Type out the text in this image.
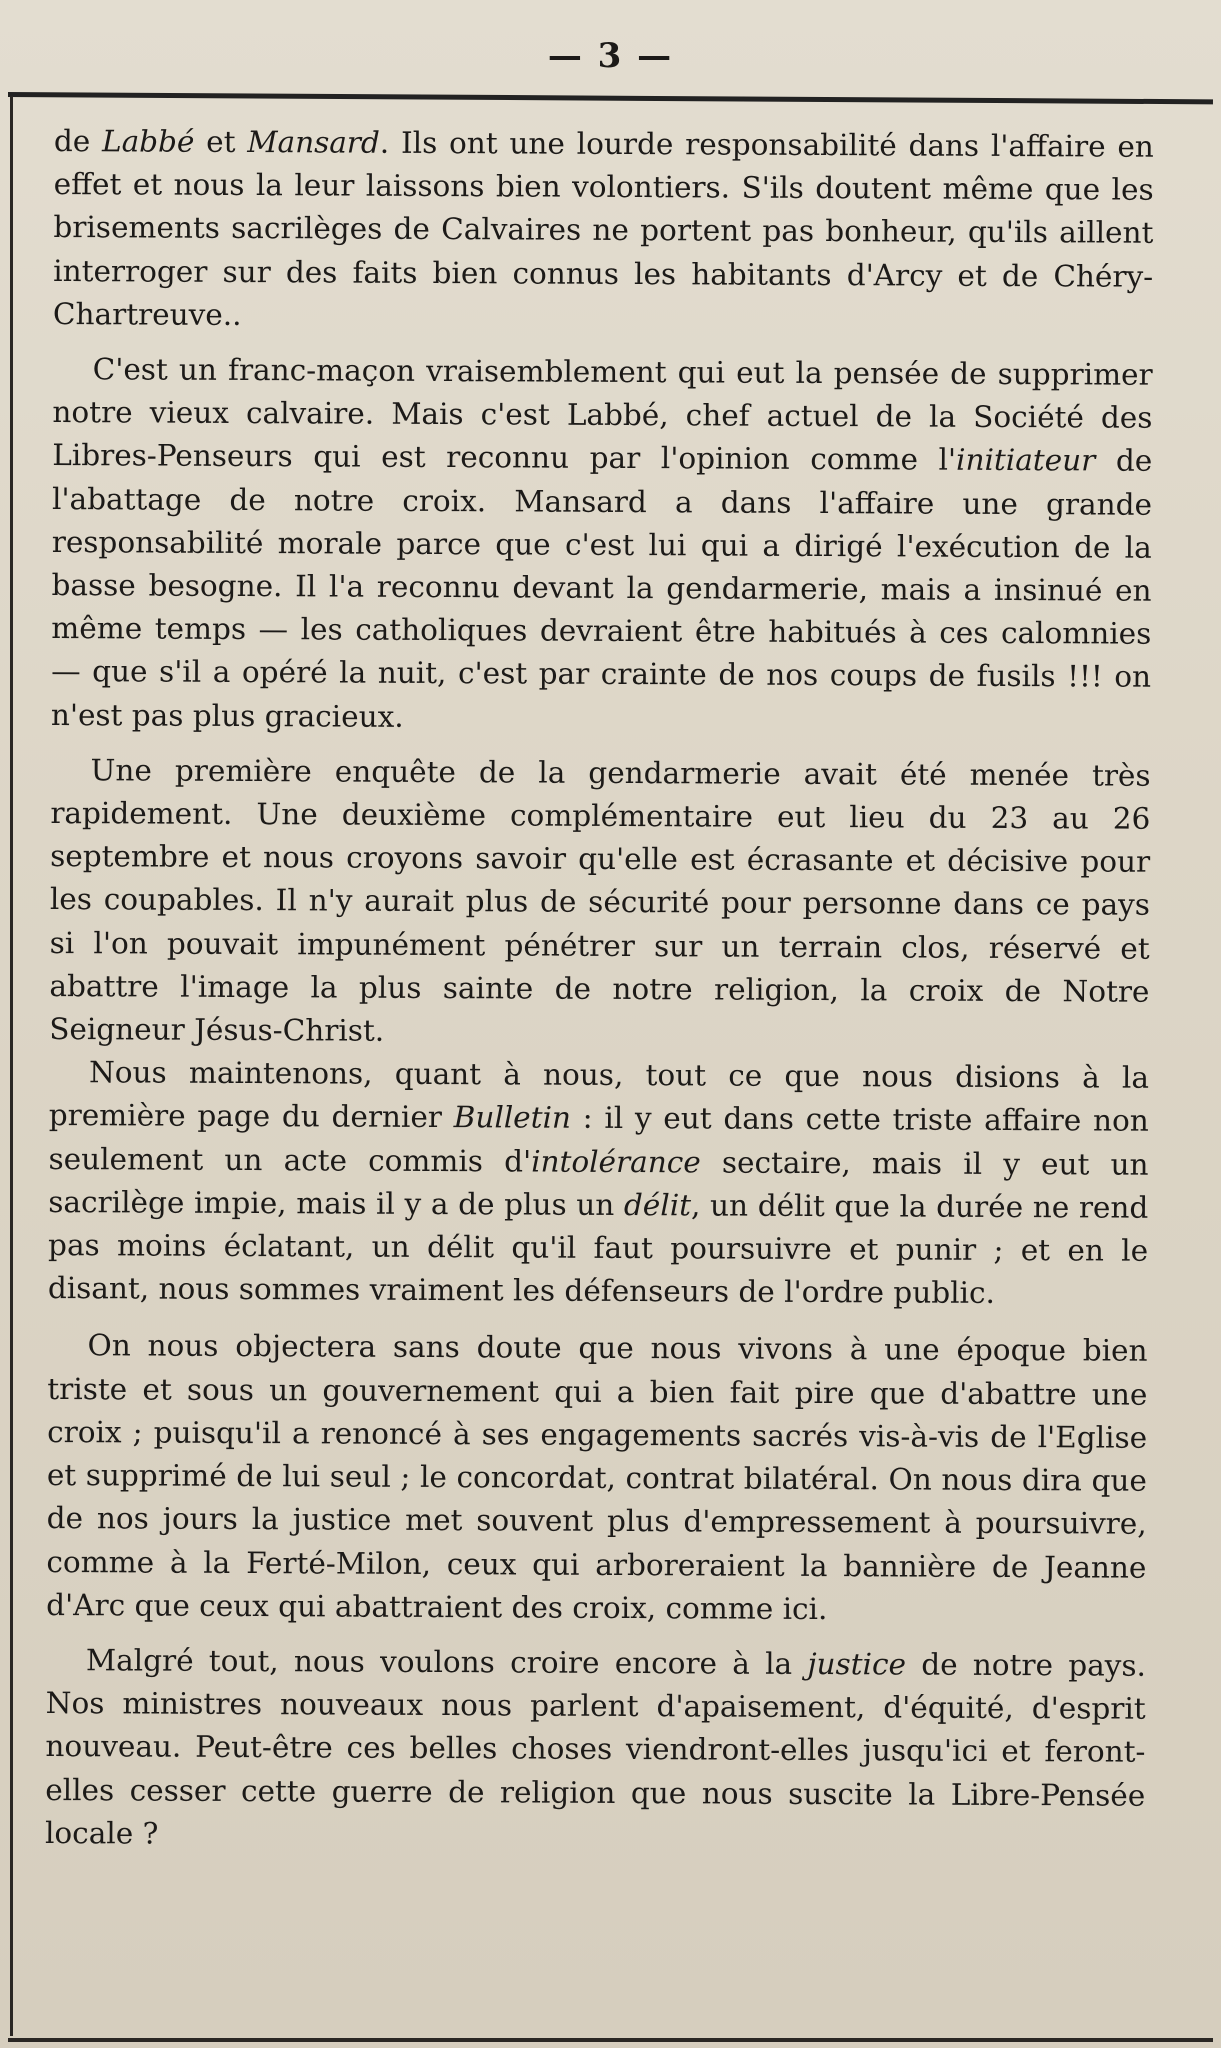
— 3 —

de Labbé et Mansard. Ils ont une lourde responsabilité dans l'affaire en effet et nous la leur laissons bien volontiers. S'ils doutent même que les brisements sacrilèges de Calvaires ne portent pas bonheur, qu'ils aillent interroger sur des faits bien connus les habitants d'Arcy et de Chéry-Chartreuve..

C'est un franc-maçon vraisemblement qui eut la pensée de supprimer notre vieux calvaire. Mais c'est Labbé, chef actuel de la Société des Libres-Penseurs qui est reconnu par l'opinion comme l'initiateur de l'abattage de notre croix. Mansard a dans l'affaire une grande responsabilité morale parce que c'est lui qui a dirigé l'exécution de la basse besogne. Il l'a reconnu devant la gendarmerie, mais a insinué en même temps — les catholiques devraient être habitués à ces calomnies — que s'il a opéré la nuit, c'est par crainte de nos coups de fusils !!! on n'est pas plus gracieux.

Une première enquête de la gendarmerie avait été menée très rapidement. Une deuxième complémentaire eut lieu du 23 au 26 septembre et nous croyons savoir qu'elle est écrasante et décisive pour les coupables. Il n'y aurait plus de sécurité pour personne dans ce pays si l'on pouvait impunément pénétrer sur un terrain clos, réservé et abattre l'image la plus sainte de notre religion, la croix de Notre Seigneur Jésus-Christ.

Nous maintenons, quant à nous, tout ce que nous disions à la première page du dernier Bulletin : il y eut dans cette triste affaire non seulement un acte commis d'intolérance sectaire, mais il y eut un sacrilège impie, mais il y a de plus un délit, un délit que la durée ne rend pas moins éclatant, un délit qu'il faut poursuivre et punir ; et en le disant, nous sommes vraiment les défenseurs de l'ordre public.

On nous objectera sans doute que nous vivons à une époque bien triste et sous un gouvernement qui a bien fait pire que d'abattre une croix ; puisqu'il a renoncé à ses engagements sacrés vis-à-vis de l'Eglise et supprimé de lui seul ; le concordat, contrat bilatéral. On nous dira que de nos jours la justice met souvent plus d'empressement à poursuivre, comme à la Ferté-Milon, ceux qui arboreraient la bannière de Jeanne d'Arc que ceux qui abattraient des croix, comme ici.

Malgré tout, nous voulons croire encore à la justice de notre pays. Nos ministres nouveaux nous parlent d'apaisement, d'équité, d'esprit nouveau. Peut-être ces belles choses viendront-elles jusqu'ici et feront-elles cesser cette guerre de religion que nous suscite la Libre-Pensée locale ?
